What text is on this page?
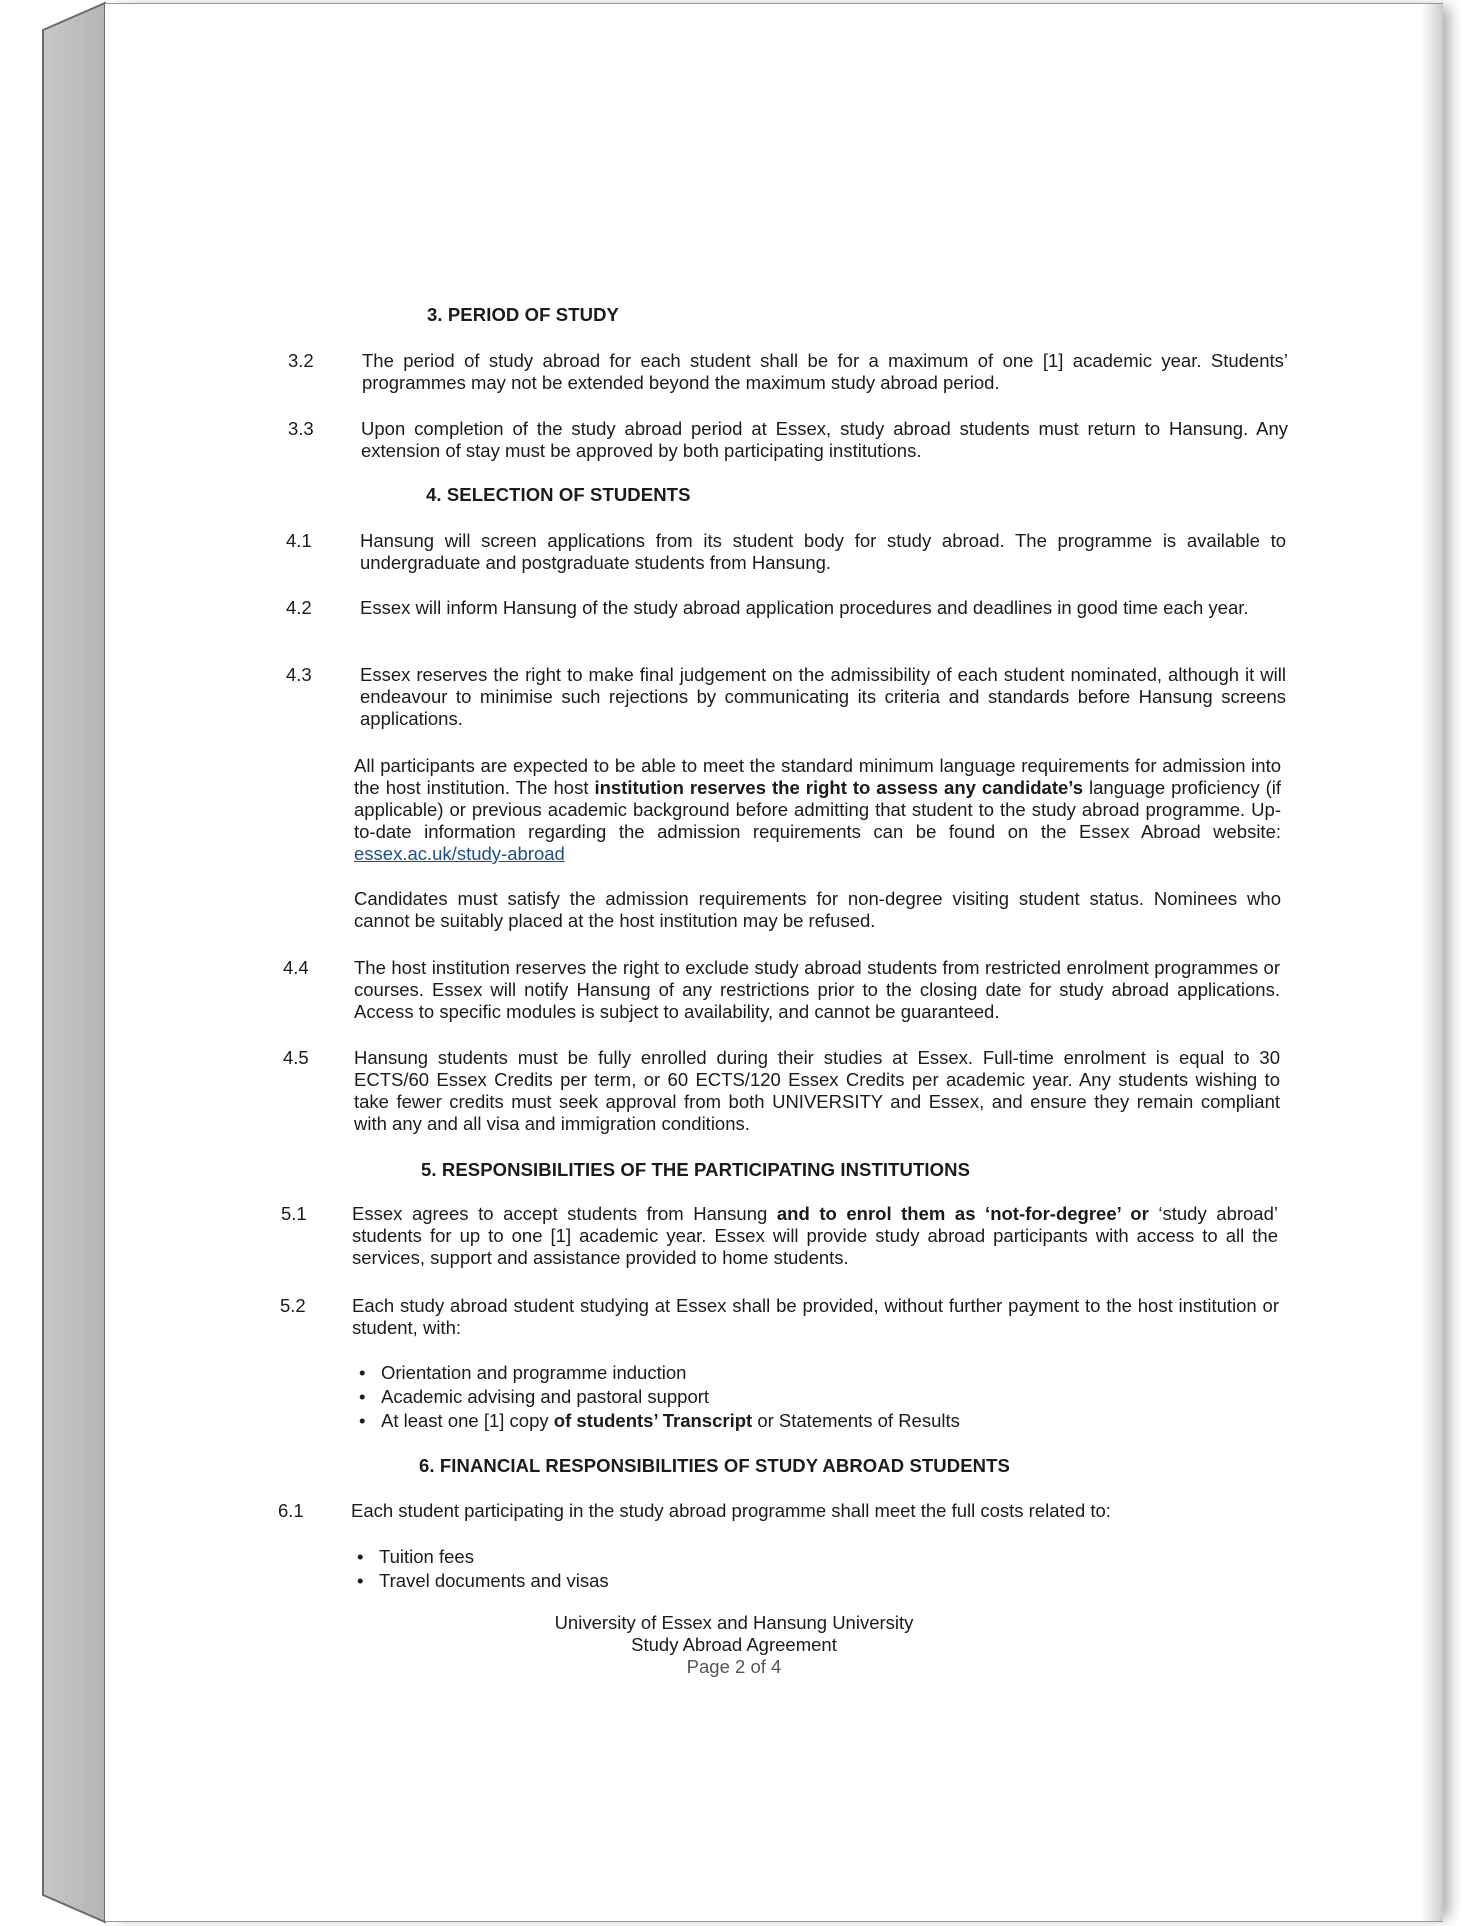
3. PERIOD OF STUDY
3.2	The period of study abroad for each student shall be for a maximum of one [1] academic year. Students’ programmes may not be extended beyond the maximum study abroad period.
3.3	Upon completion of the study abroad period at Essex, study abroad students must return to Hansung. Any extension of stay must be approved by both participating institutions.
4. SELECTION OF STUDENTS
4.1	Hansung will screen applications from its student body for study abroad. The programme is available to undergraduate and postgraduate students from Hansung.
4.2	Essex will inform Hansung of the study abroad application procedures and deadlines in good time each year.
4.3	Essex reserves the right to make final judgement on the admissibility of each student nominated, although it will endeavour to minimise such rejections by communicating its criteria and standards before Hansung screens applications.
All participants are expected to be able to meet the standard minimum language requirements for admission into the host institution. The host institution reserves the right to assess any candidate’s language proficiency (if applicable) or previous academic background before admitting that student to the study abroad programme. Up-to-date information regarding the admission requirements can be found on the Essex Abroad website: essex.ac.uk/study-abroad
Candidates must satisfy the admission requirements for non-degree visiting student status. Nominees who cannot be suitably placed at the host institution may be refused.
4.4	The host institution reserves the right to exclude study abroad students from restricted enrolment programmes or courses. Essex will notify Hansung of any restrictions prior to the closing date for study abroad applications. Access to specific modules is subject to availability, and cannot be guaranteed.
4.5	Hansung students must be fully enrolled during their studies at Essex. Full-time enrolment is equal to 30 ECTS/60 Essex Credits per term, or 60 ECTS/120 Essex Credits per academic year. Any students wishing to take fewer credits must seek approval from both UNIVERSITY and Essex, and ensure they remain compliant with any and all visa and immigration conditions.
5. RESPONSIBILITIES OF THE PARTICIPATING INSTITUTIONS
5.1	Essex agrees to accept students from Hansung and to enrol them as ‘not-for-degree’ or ‘study abroad’ students for up to one [1] academic year. Essex will provide study abroad participants with access to all the services, support and assistance provided to home students.
5.2	Each study abroad student studying at Essex shall be provided, without further payment to the host institution or student, with:
• Orientation and programme induction
• Academic advising and pastoral support
• At least one [1] copy of students’ Transcript or Statements of Results
6. FINANCIAL RESPONSIBILITIES OF STUDY ABROAD STUDENTS
6.1	Each student participating in the study abroad programme shall meet the full costs related to:
• Tuition fees
• Travel documents and visas
University of Essex and Hansung University
Study Abroad Agreement
Page 2 of 4
